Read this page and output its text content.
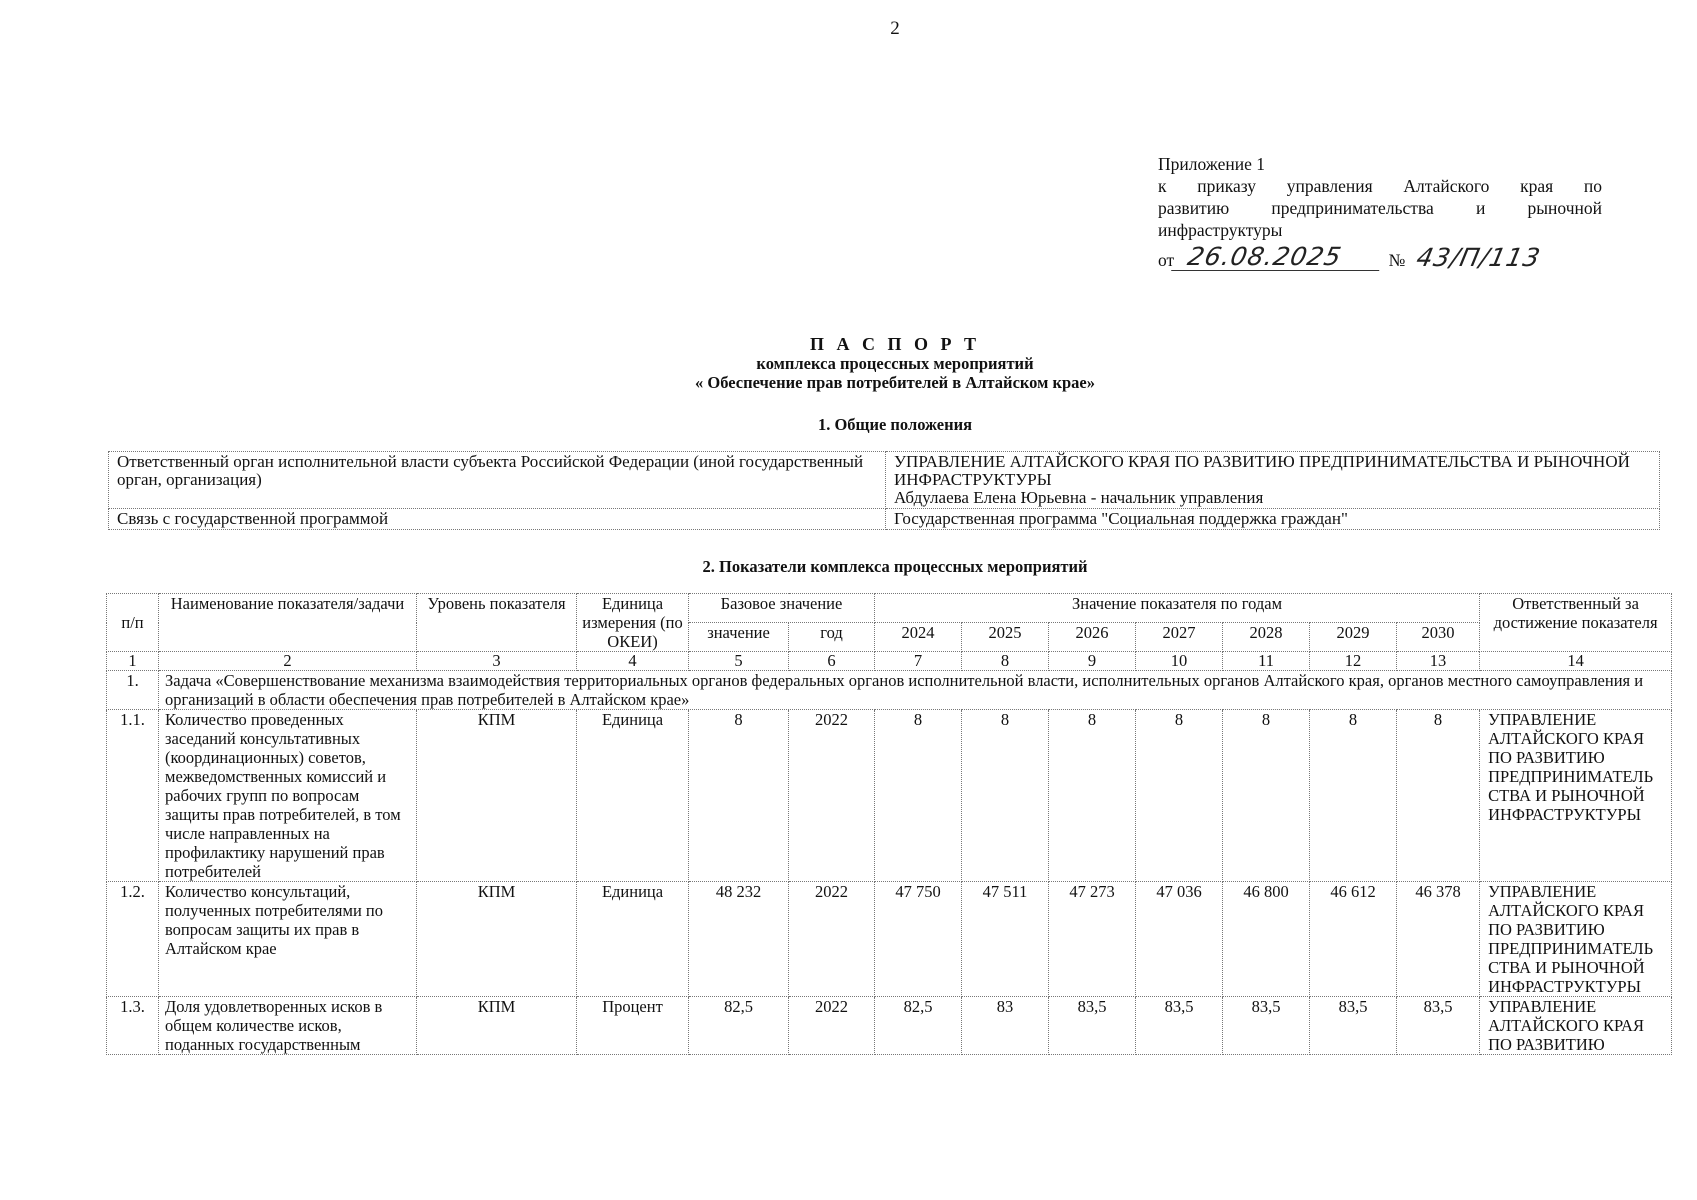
2
Приложение 1
к приказу управления Алтайского края по
развитию предпринимательства и рыночной
инфраструктуры
от 26.08.2025	№ 43/П/113
П А С П О Р Т
комплекса процессных мероприятий
« Обеспечение прав потребителей в Алтайском крае»
1. Общие положения
Ответственный орган исполнительной власти субъекта Российской Федерации (иной государственный орган, организация)	УПРАВЛЕНИЕ АЛТАЙСКОГО КРАЯ ПО РАЗВИТИЮ ПРЕДПРИНИМАТЕЛЬСТВА И РЫНОЧНОЙ ИНФРАСТРУКТУРЫ
Абдулаева Елена Юрьевна - начальник управления

Связь с государственной программой	Государственная программа "Социальная поддержка граждан"
2. Показатели комплекса процессных мероприятий
п/п	Наименование показателя/задачи	Уровень показателя	Единица измерения (по ОКЕИ)	Базовое значение		Значение показателя по годам							Ответственный за достижение показателя
				значение	год	2024	2025	2026	2027	2028	2029	2030	
1	2	3	4	5	6	7	8	9	10	11	12	13	14
1.	Задача «Совершенствование механизма взаимодействия территориальных органов федеральных органов исполнительной власти, исполнительных органов Алтайского края, органов местного самоуправления и организаций в области обеспечения прав потребителей в Алтайском крае»												
1.1.	Количество проведенных заседаний консультативных (координационных) советов, межведомственных комиссий и рабочих групп по вопросам защиты прав потребителей, в том числе направленных на профилактику нарушений прав потребителей	КПМ	Единица	8	2022	8	8	8	8	8	8	8	УПРАВЛЕНИЕ АЛТАЙСКОГО КРАЯ ПО РАЗВИТИЮ ПРЕДПРИНИМАТЕЛЬ СТВА И РЫНОЧНОЙ ИНФРАСТРУКТУРЫ
1.2.	Количество консультаций, полученных потребителями по вопросам защиты их прав в Алтайском крае	КПМ	Единица	48 232	2022	47 750	47 511	47 273	47 036	46 800	46 612	46 378	УПРАВЛЕНИЕ АЛТАЙСКОГО КРАЯ ПО РАЗВИТИЮ ПРЕДПРИНИМАТЕЛЬ СТВА И РЫНОЧНОЙ ИНФРАСТРУКТУРЫ
1.3.	Доля удовлетворенных исков в общем количестве исков, поданных государственным	КПМ	Процент	82,5	2022	82,5	83	83,5	83,5	83,5	83,5	83,5	УПРАВЛЕНИЕ АЛТАЙСКОГО КРАЯ ПО РАЗВИТИЮ
